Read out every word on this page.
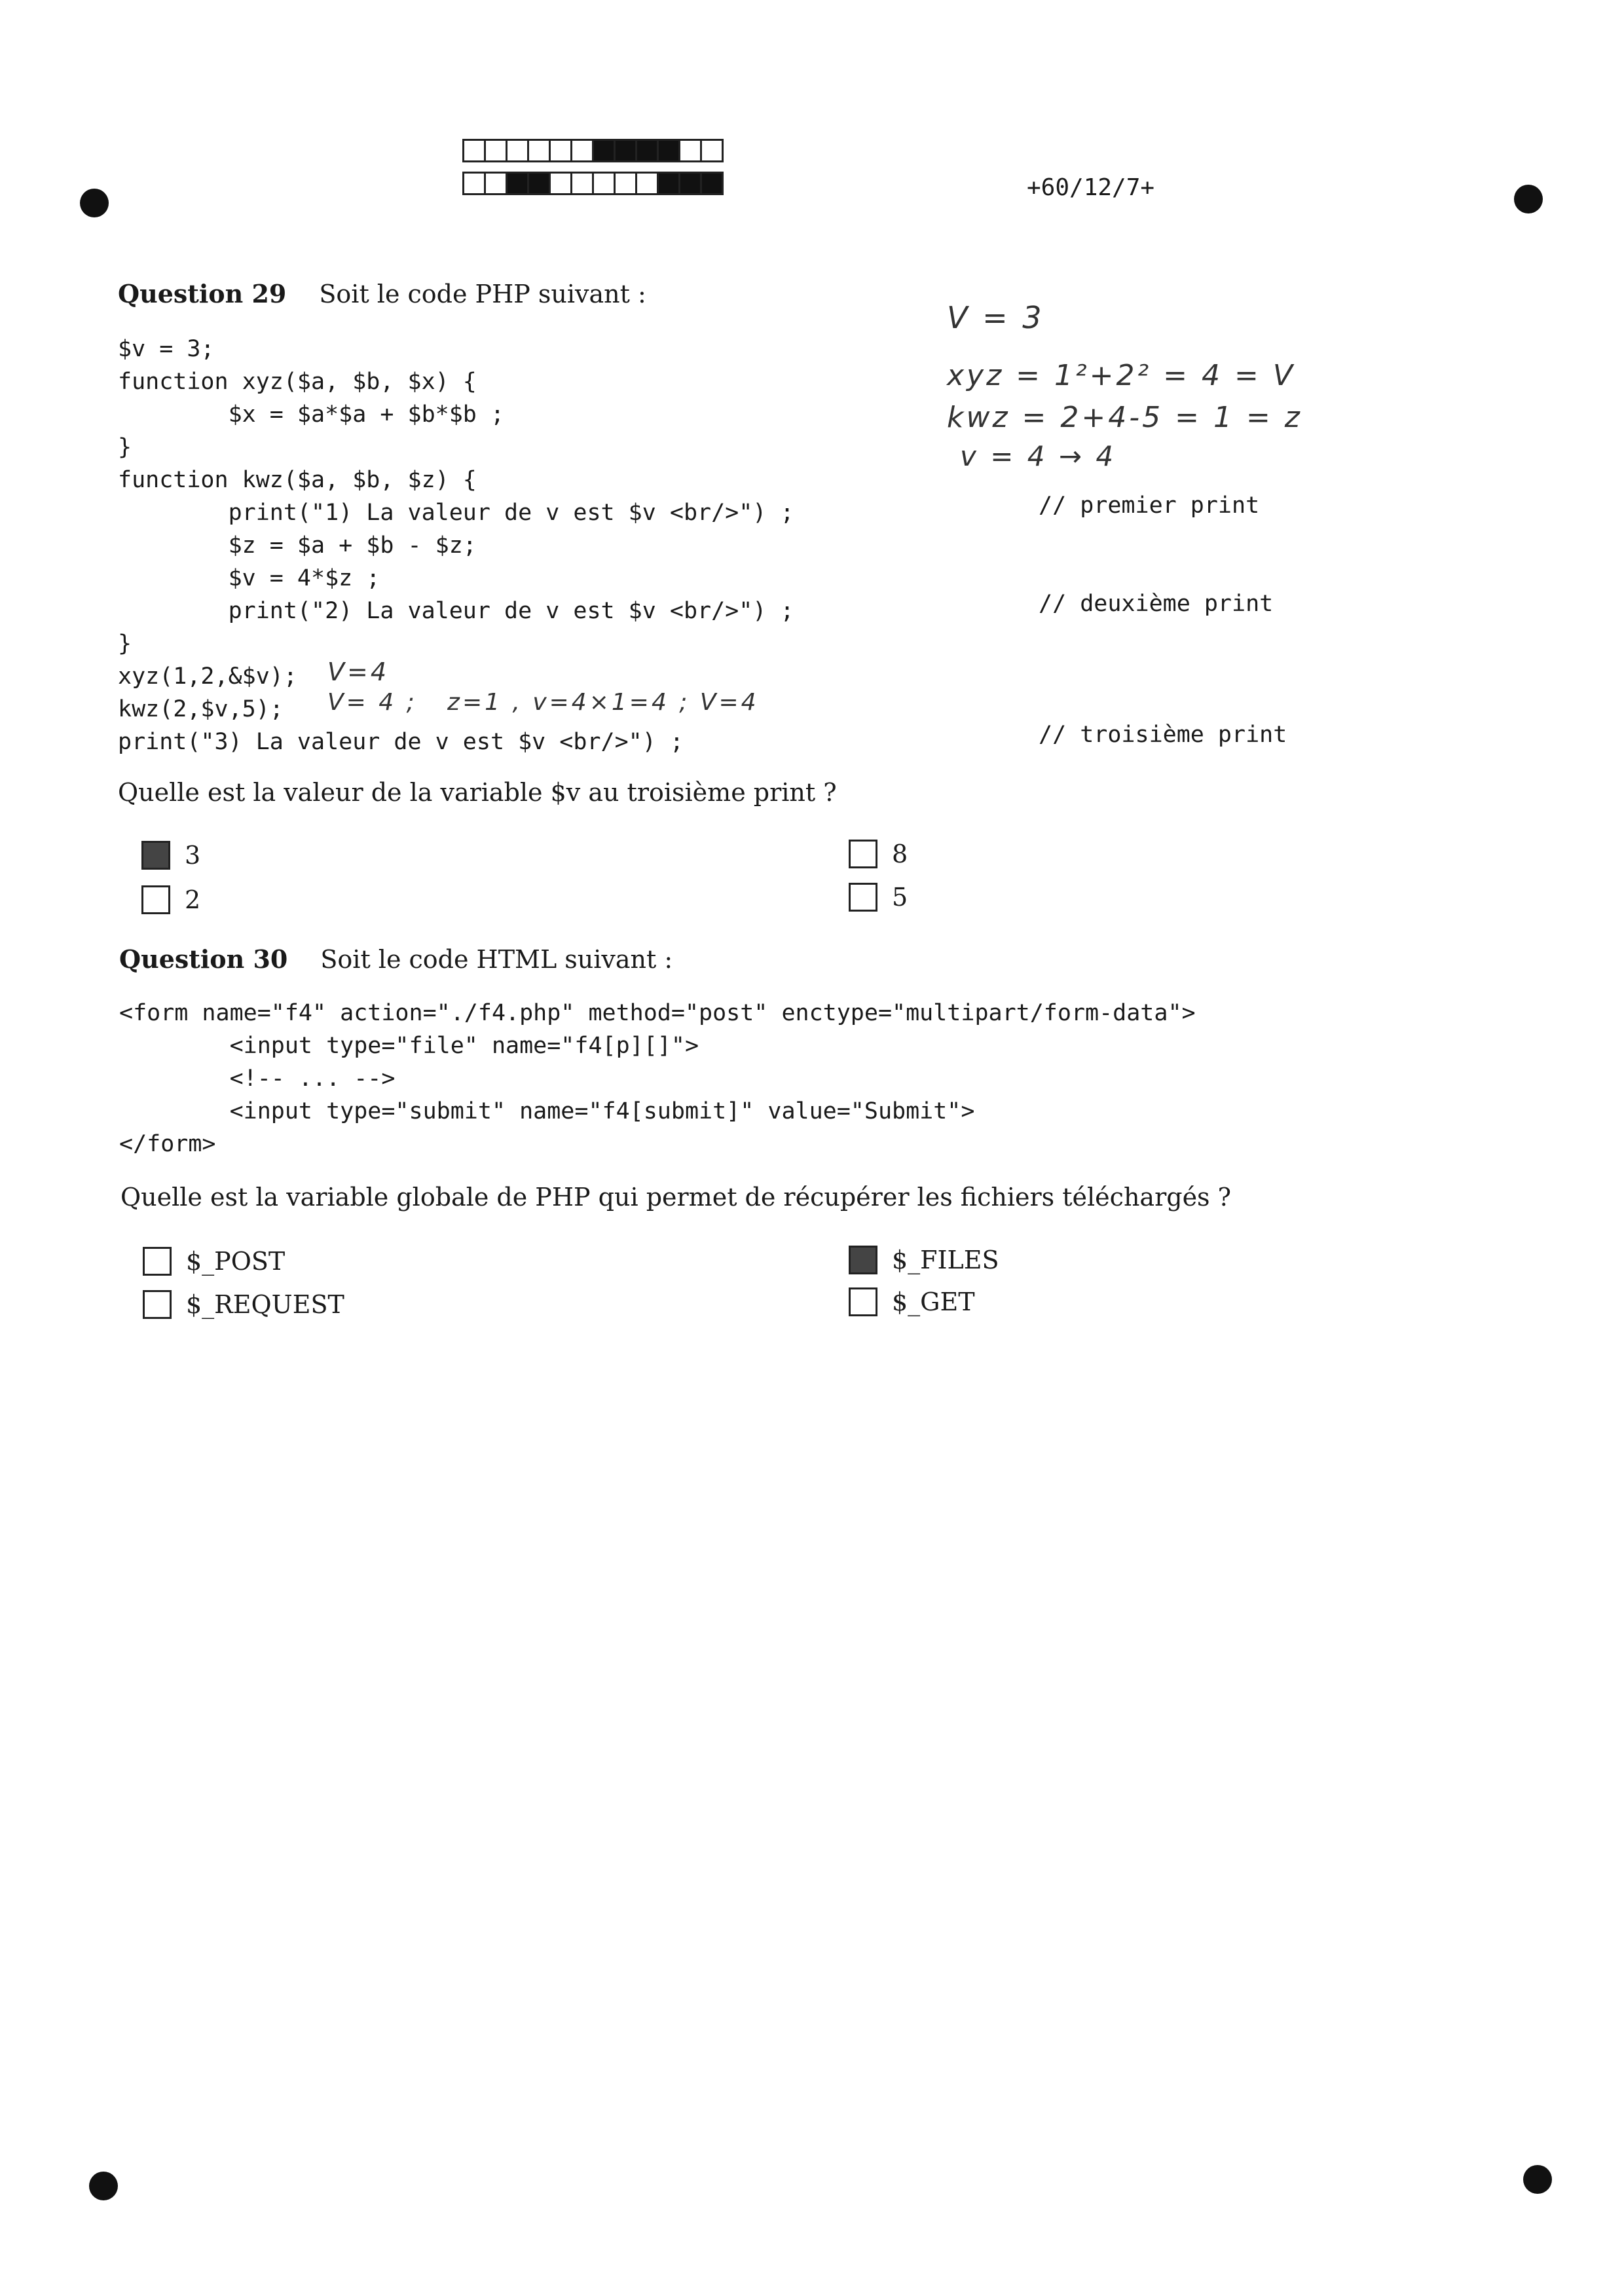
+60/12/7+
Question 29 Soit le code PHP suivant :
$v = 3;
function xyz($a, $b, $x) {
$x = $a*$a + $b*$b ;
}
function kwz($a, $b, $z) {
print("1) La valeur de v est $v <br/>") ;
$z = $a + $b - $z;
$v = 4*$z ;
print("2) La valeur de v est $v <br/>") ;
}
xyz(1,2,&$v);
kwz(2,$v,5);
print("3) La valeur de v est $v <br/>") ;
// premier print
// deuxième print
// troisième print
V = 3
xyz = 1²+2² = 4 = V
kwz = 2+4-5 = 1 = z
v = 4 → 4
V=4
V= 4 ;   z=1 , v=4×1=4 ; V=4
Quelle est la valeur de la variable $v au troisième print ?
3
2
8
5
Question 30 Soit le code HTML suivant :
<form name="f4" action="./f4.php" method="post" enctype="multipart/form-data">
<input type="file" name="f4[p][]">
<!-- ... -->
<input type="submit" name="f4[submit]" value="Submit">
</form>
Quelle est la variable globale de PHP qui permet de récupérer les fichiers téléchargés ?
$_POST
$_REQUEST
$_FILES
$_GET
